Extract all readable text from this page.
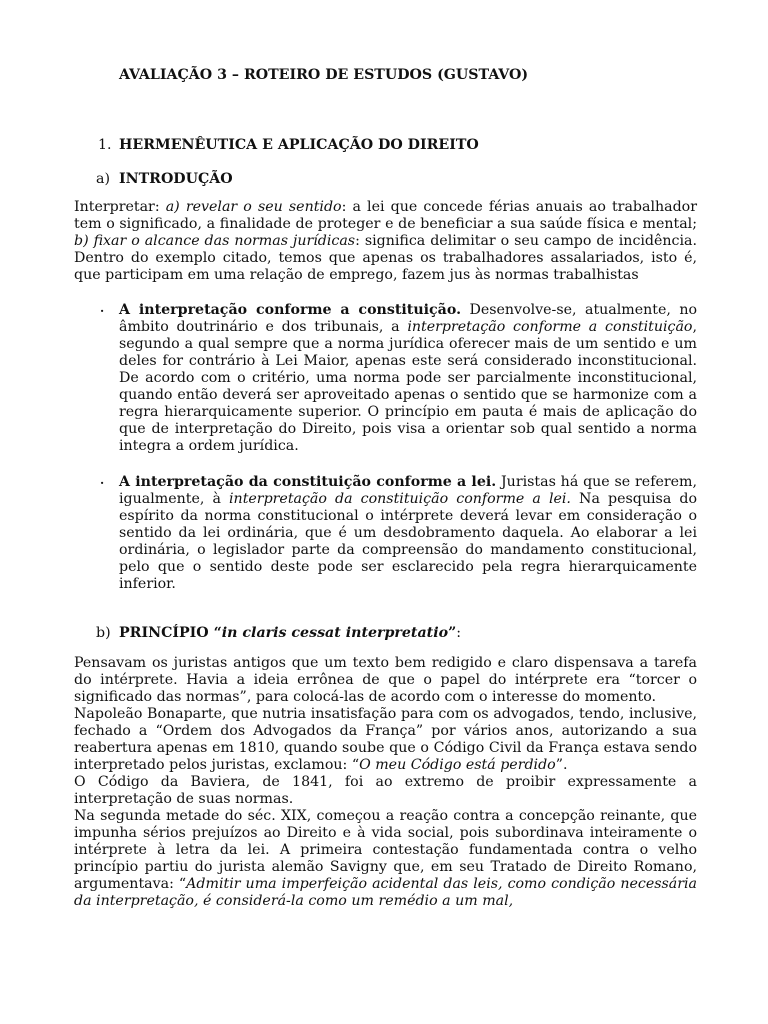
AVALIAÇÃO 3 – ROTEIRO DE ESTUDOS (GUSTAVO)
1. HERMENÊUTICA E APLICAÇÃO DO DIREITO
a) INTRODUÇÃO

Interpretar: a) revelar o seu sentido: a lei que concede férias anuais ao trabalhador tem o significado, a finalidade de proteger e de beneficiar a sua saúde física e mental; b) fixar o alcance das normas jurídicas: significa delimitar o seu campo de incidência. Dentro do exemplo citado, temos que apenas os trabalhadores assalariados, isto é, que participam em uma relação de emprego, fazem jus às normas trabalhistas

· A interpretação conforme a constituição. Desenvolve-se, atualmente, no âmbito doutrinário e dos tribunais, a interpretação conforme a constituição, segundo a qual sempre que a norma jurídica oferecer mais de um sentido e um deles for contrário à Lei Maior, apenas este será considerado inconstitucional. De acordo com o critério, uma norma pode ser parcialmente inconstitucional, quando então deverá ser aproveitado apenas o sentido que se harmonize com a regra hierarquicamente superior. O princípio em pauta é mais de aplicação do que de interpretação do Direito, pois visa a orientar sob qual sentido a norma integra a ordem jurídica.

· A interpretação da constituição conforme a lei. Juristas há que se referem, igualmente, à interpretação da constituição conforme a lei. Na pesquisa do espírito da norma constitucional o intérprete deverá levar em consideração o sentido da lei ordinária, que é um desdobramento daquela. Ao elaborar a lei ordinária, o legislador parte da compreensão do mandamento constitucional, pelo que o sentido deste pode ser esclarecido pela regra hierarquicamente inferior.

b) PRINCÍPIO “in claris cessat interpretatio”:

Pensavam os juristas antigos que um texto bem redigido e claro dispensava a tarefa do intérprete. Havia a ideia errônea de que o papel do intérprete era “torcer o significado das normas”, para colocá-las de acordo com o interesse do momento.

Napoleão Bonaparte, que nutria insatisfação para com os advogados, tendo, inclusive, fechado a “Ordem dos Advogados da França” por vários anos, autorizando a sua reabertura apenas em 1810, quando soube que o Código Civil da França estava sendo interpretado pelos juristas, exclamou: “O meu Código está perdido”.

O Código da Baviera, de 1841, foi ao extremo de proibir expressamente a interpretação de suas normas.

Na segunda metade do séc. XIX, começou a reação contra a concepção reinante, que impunha sérios prejuízos ao Direito e à vida social, pois subordinava inteiramente o intérprete à letra da lei. A primeira contestação fundamentada contra o velho princípio partiu do jurista alemão Savigny que, em seu Tratado de Direito Romano, argumentava: “Admitir uma imperfeição acidental das leis, como condição necessária da interpretação, é considerá-la como um remédio a um mal,
